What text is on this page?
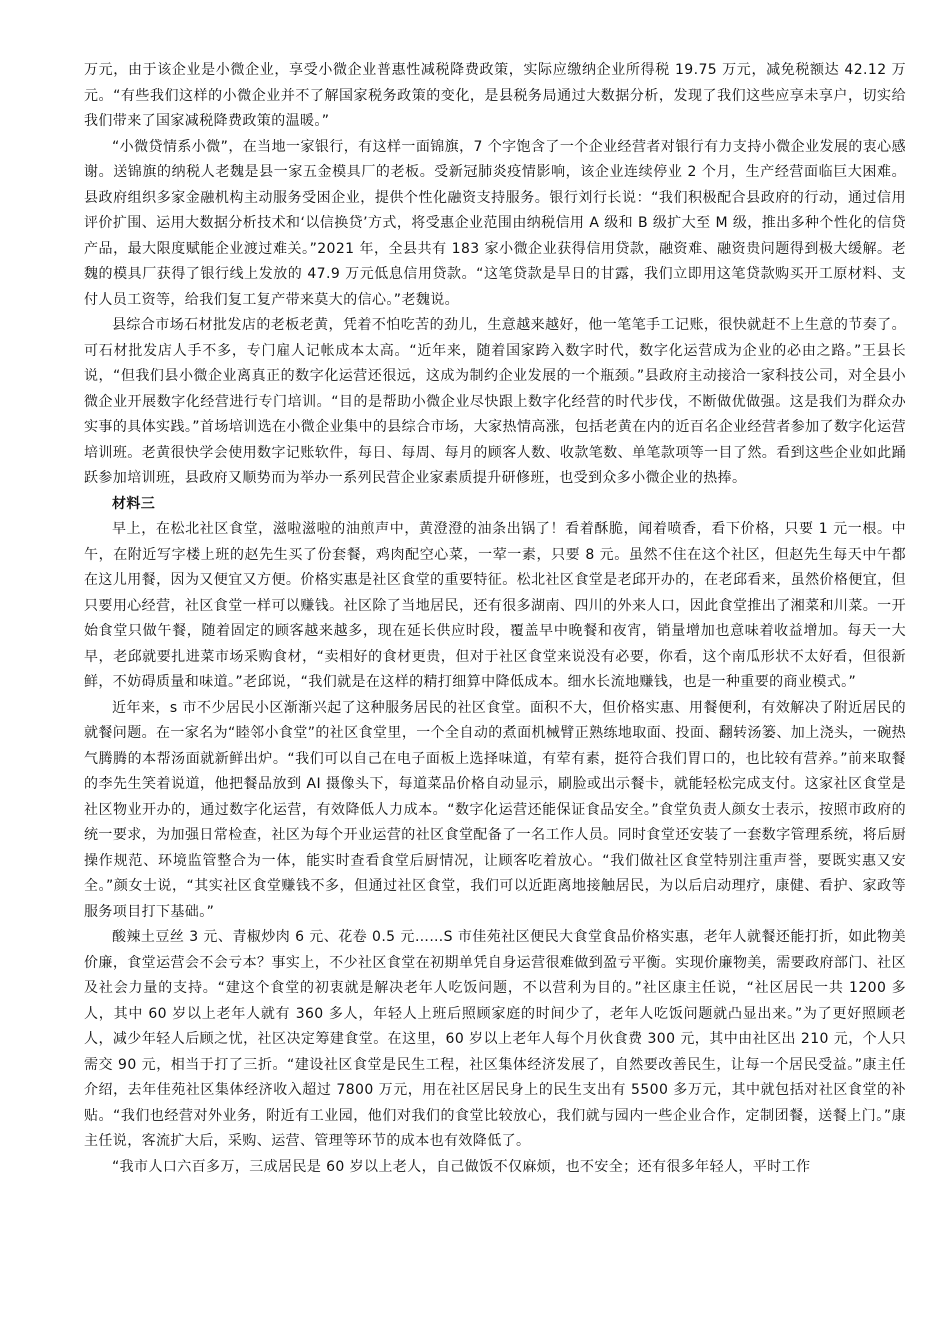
万元，由于该企业是小微企业，享受小微企业普惠性减税降费政策，实际应缴纳企业所得税 19.75 万元，减免税额达 42.12 万元。“有些我们这样的小微企业并不了解国家税务政策的变化，是县税务局通过大数据分析，发现了我们这些应享未享户，切实给我们带来了国家减税降费政策的温暖。”

“小微贷情系小微”，在当地一家银行，有这样一面锦旗，7 个字饱含了一个企业经营者对银行有力支持小微企业发展的衷心感谢。送锦旗的纳税人老魏是县一家五金模具厂的老板。受新冠肺炎疫情影响，该企业连续停业 2 个月，生产经营面临巨大困难。县政府组织多家金融机构主动服务受困企业，提供个性化融资支持服务。银行刘行长说：“我们积极配合县政府的行动，通过信用评价扩围、运用大数据分析技术和‘以信换贷’方式，将受惠企业范围由纳税信用 A 级和 B 级扩大至 M 级，推出多种个性化的信贷产品，最大限度赋能企业渡过难关。”2021 年，全县共有 183 家小微企业获得信用贷款，融资难、融资贵问题得到极大缓解。老魏的模具厂获得了银行线上发放的 47.9 万元低息信用贷款。“这笔贷款是旱日的甘露，我们立即用这笔贷款购买开工原材料、支付人员工资等，给我们复工复产带来莫大的信心。”老魏说。

县综合市场石材批发店的老板老黄，凭着不怕吃苦的劲儿，生意越来越好，他一笔笔手工记账，很快就赶不上生意的节奏了。可石材批发店人手不多，专门雇人记帐成本太高。“近年来，随着国家跨入数字时代，数字化运营成为企业的必由之路。”王县长说，“但我们县小微企业离真正的数字化运营还很远，这成为制约企业发展的一个瓶颈。”县政府主动接洽一家科技公司，对全县小微企业开展数字化经营进行专门培训。“目的是帮助小微企业尽快跟上数字化经营的时代步伐，不断做优做强。这是我们为群众办实事的具体实践。”首场培训选在小微企业集中的县综合市场，大家热情高涨，包括老黄在内的近百名企业经营者参加了数字化运营培训班。老黄很快学会使用数字记账软件，每日、每周、每月的顾客人数、收款笔数、单笔款项等一目了然。看到这些企业如此踊跃参加培训班，县政府又顺势而为举办一系列民营企业家素质提升研修班，也受到众多小微企业的热捧。

材料三

早上，在松北社区食堂，滋啦滋啦的油煎声中，黄澄澄的油条出锅了！看着酥脆，闻着喷香，看下价格，只要 1 元一根。中午，在附近写字楼上班的赵先生买了份套餐，鸡肉配空心菜，一荤一素，只要 8 元。虽然不住在这个社区，但赵先生每天中午都在这儿用餐，因为又便宜又方便。价格实惠是社区食堂的重要特征。松北社区食堂是老邱开办的，在老邱看来，虽然价格便宜，但只要用心经营，社区食堂一样可以赚钱。社区除了当地居民，还有很多湖南、四川的外来人口，因此食堂推出了湘菜和川菜。一开始食堂只做午餐，随着固定的顾客越来越多，现在延长供应时段，覆盖早中晚餐和夜宵，销量增加也意味着收益增加。每天一大早，老邱就要扎进菜市场采购食材，“卖相好的食材更贵，但对于社区食堂来说没有必要，你看，这个南瓜形状不太好看，但很新鲜，不妨碍质量和味道。”老邱说，“我们就是在这样的精打细算中降低成本。细水长流地赚钱，也是一种重要的商业模式。”

近年来，s 市不少居民小区渐渐兴起了这种服务居民的社区食堂。面积不大，但价格实惠、用餐便利，有效解决了附近居民的就餐问题。在一家名为“睦邻小食堂”的社区食堂里，一个全自动的煮面机械臂正熟练地取面、投面、翻转汤篓、加上浇头，一碗热气腾腾的本帮汤面就新鲜出炉。“我们可以自己在电子面板上选择味道，有荤有素，挺符合我们胃口的，也比较有营养。”前来取餐的李先生笑着说道，他把餐品放到 AI 摄像头下，每道菜品价格自动显示，刷脸或出示餐卡，就能轻松完成支付。这家社区食堂是社区物业开办的，通过数字化运营，有效降低人力成本。“数字化运营还能保证食品安全。”食堂负责人颜女士表示，按照市政府的统一要求，为加强日常检查，社区为每个开业运营的社区食堂配备了一名工作人员。同时食堂还安装了一套数字管理系统，将后厨操作规范、环境监管整合为一体，能实时查看食堂后厨情况，让顾客吃着放心。“我们做社区食堂特别注重声誉，要既实惠又安全。”颜女士说，“其实社区食堂赚钱不多，但通过社区食堂，我们可以近距离地接触居民，为以后启动理疗，康健、看护、家政等服务项目打下基础。”

酸辣土豆丝 3 元、青椒炒肉 6 元、花卷 0.5 元……S 市佳苑社区便民大食堂食品价格实惠，老年人就餐还能打折，如此物美价廉，食堂运营会不会亏本？事实上，不少社区食堂在初期单凭自身运营很难做到盈亏平衡。实现价廉物美，需要政府部门、社区及社会力量的支持。“建这个食堂的初衷就是解决老年人吃饭问题，不以营利为目的。”社区康主任说，“社区居民一共 1200 多人，其中 60 岁以上老年人就有 360 多人，年轻人上班后照顾家庭的时间少了，老年人吃饭问题就凸显出来。”为了更好照顾老人，减少年轻人后顾之忧，社区决定筹建食堂。在这里，60 岁以上老年人每个月伙食费 300 元，其中由社区出 210 元，个人只需交 90 元，相当于打了三折。“建设社区食堂是民生工程，社区集体经济发展了，自然要改善民生，让每一个居民受益。”康主任介绍，去年佳苑社区集体经济收入超过 7800 万元，用在社区居民身上的民生支出有 5500 多万元，其中就包括对社区食堂的补贴。“我们也经营对外业务，附近有工业园，他们对我们的食堂比较放心，我们就与园内一些企业合作，定制团餐，送餐上门。”康主任说，客流扩大后，采购、运营、管理等环节的成本也有效降低了。

“我市人口六百多万，三成居民是 60 岁以上老人，自己做饭不仅麻烦，也不安全；还有很多年轻人，平时工作
